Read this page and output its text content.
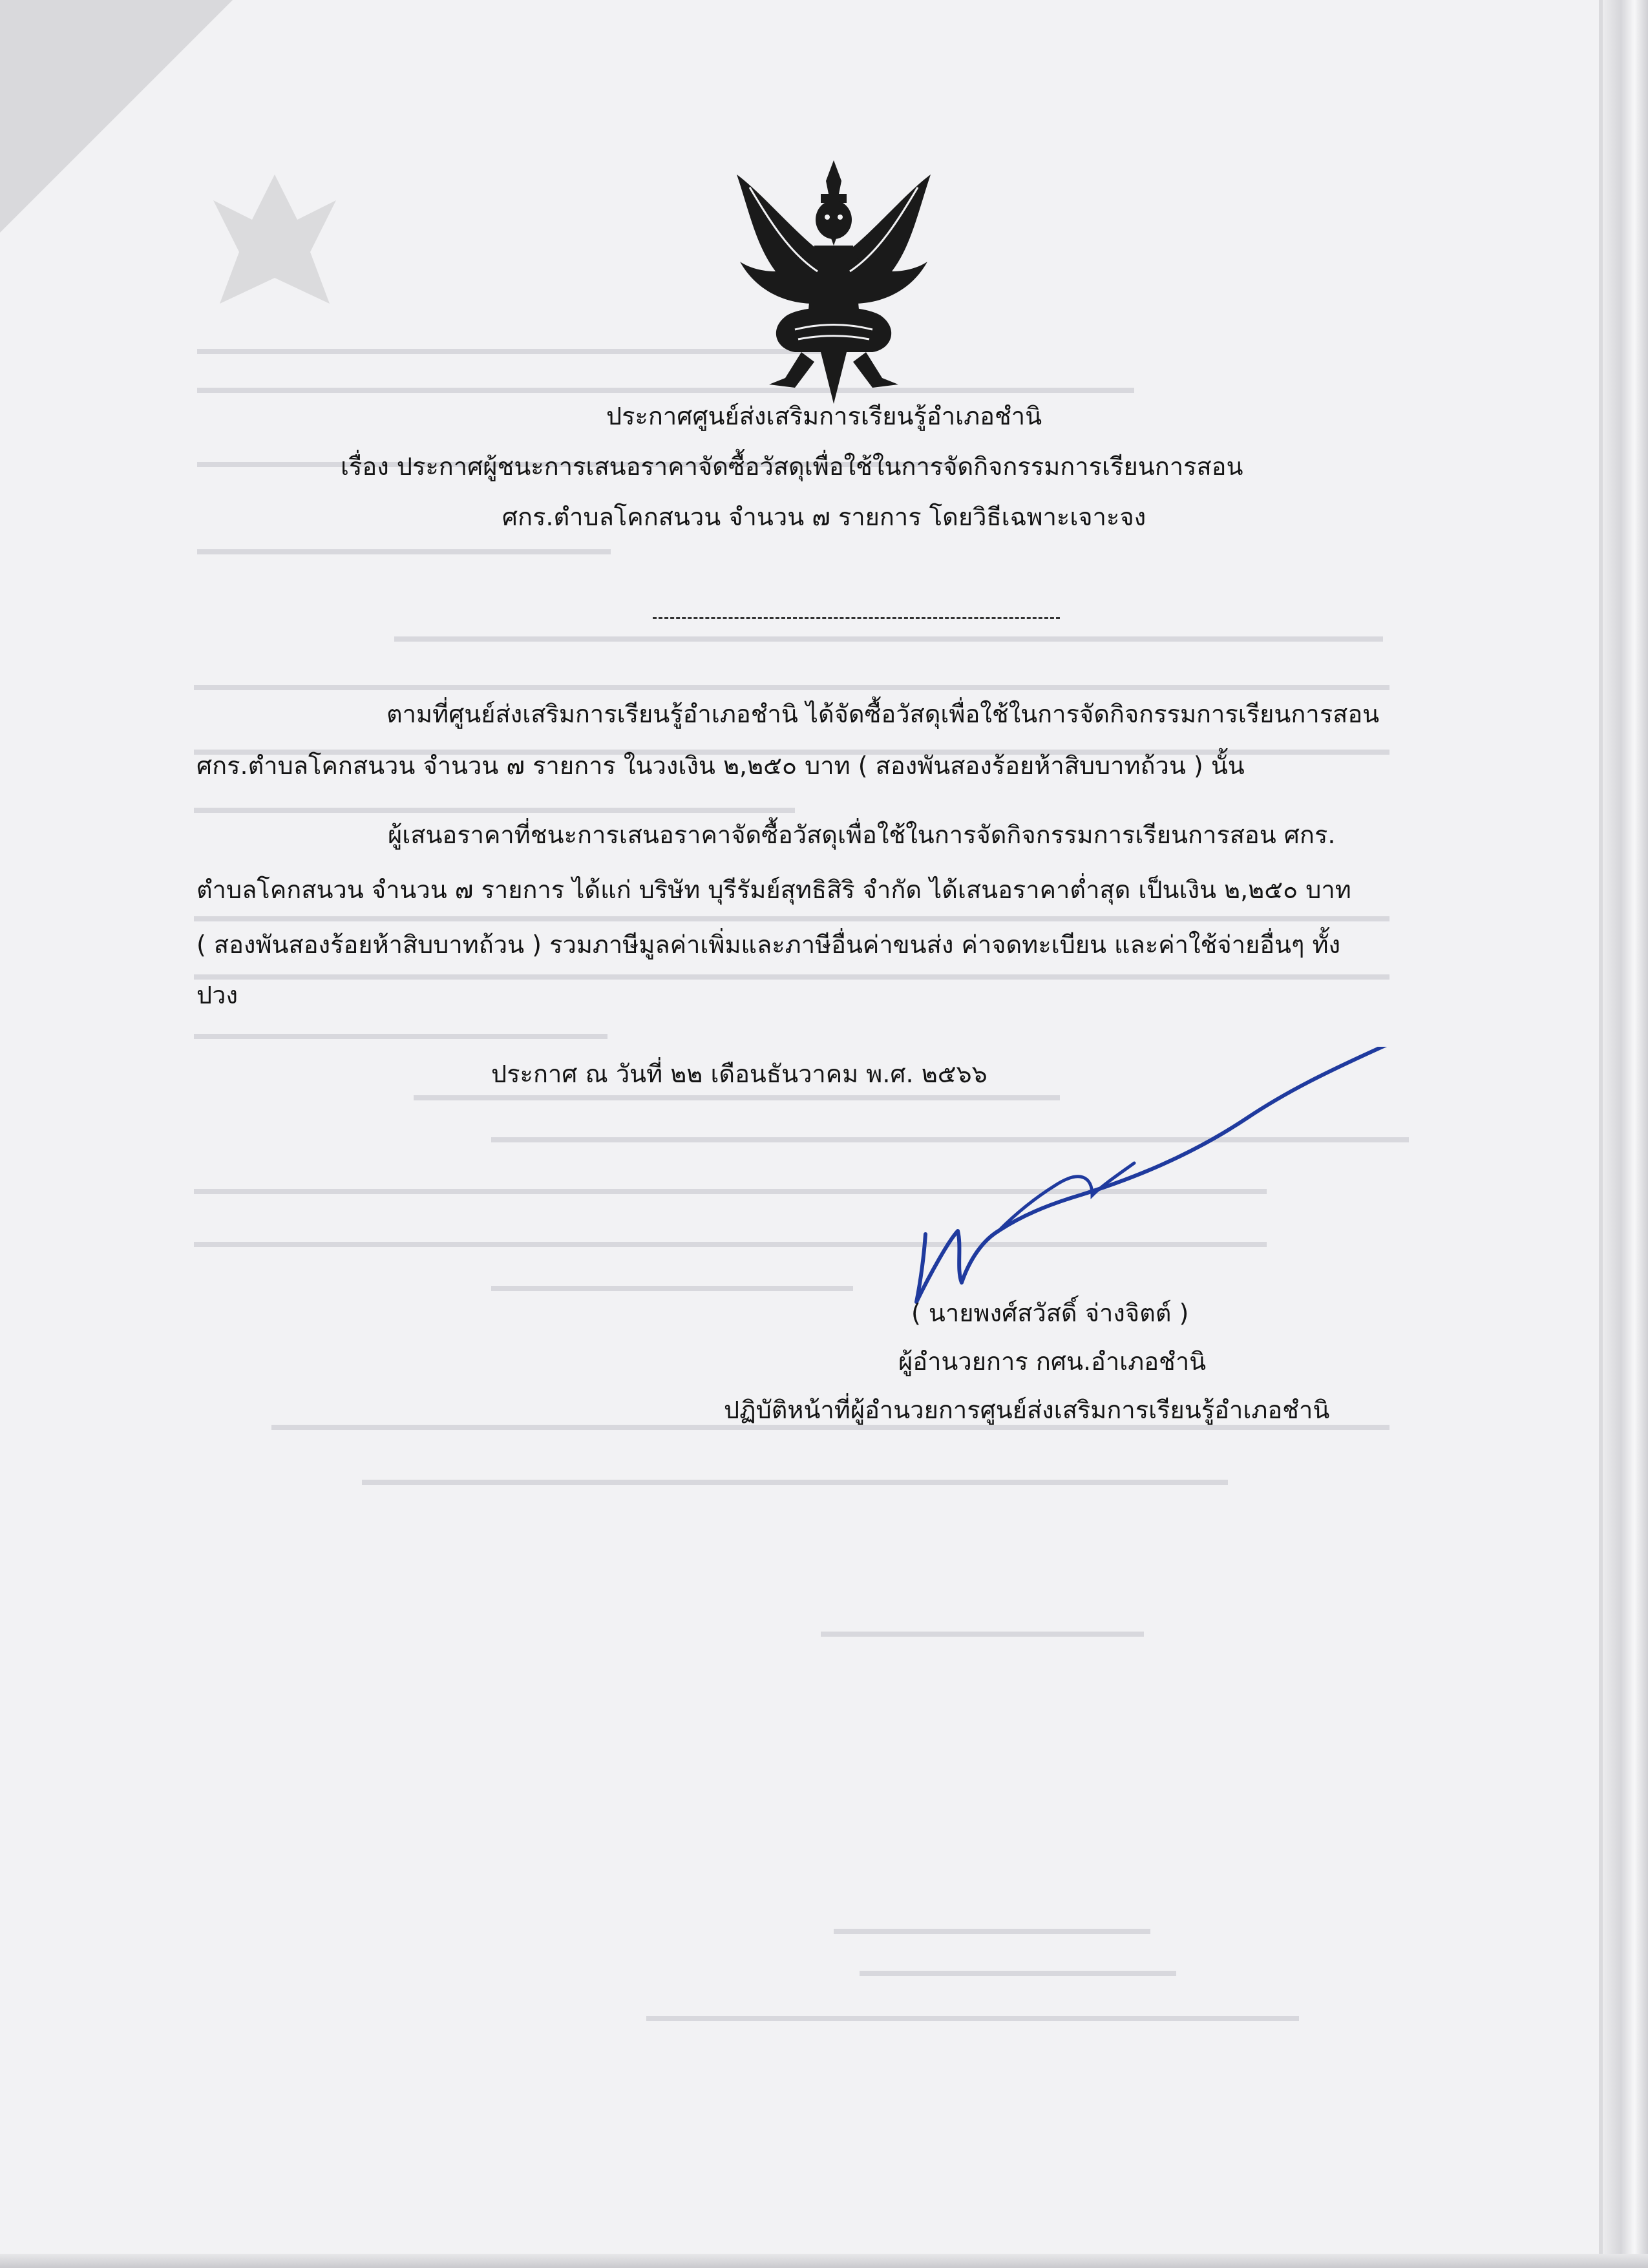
ประกาศศูนย์ส่งเสริมการเรียนรู้อำเภอชำนิ
เรื่อง ประกาศผู้ชนะการเสนอราคาจัดซื้อวัสดุเพื่อใช้ในการจัดกิจกรรมการเรียนการสอน
ศกร.ตำบลโคกสนวน จำนวน ๗ รายการ โดยวิธีเฉพาะเจาะจง
ตามที่ศูนย์ส่งเสริมการเรียนรู้อำเภอชำนิ ได้จัดซื้อวัสดุเพื่อใช้ในการจัดกิจกรรมการเรียนการสอน
ศกร.ตำบลโคกสนวน จำนวน ๗ รายการ ในวงเงิน ๒,๒๕๐ บาท ( สองพันสองร้อยห้าสิบบาทถ้วน ) นั้น
ผู้เสนอราคาที่ชนะการเสนอราคาจัดซื้อวัสดุเพื่อใช้ในการจัดกิจกรรมการเรียนการสอน ศกร.
ตำบลโคกสนวน จำนวน ๗ รายการ ได้แก่ บริษัท บุรีรัมย์สุทธิสิริ จำกัด ได้เสนอราคาต่ำสุด เป็นเงิน ๒,๒๕๐ บาท
( สองพันสองร้อยห้าสิบบาทถ้วน ) รวมภาษีมูลค่าเพิ่มและภาษีอื่นค่าขนส่ง ค่าจดทะเบียน และค่าใช้จ่ายอื่นๆ ทั้ง
ปวง
ประกาศ ณ วันที่ ๒๒ เดือนธันวาคม พ.ศ. ๒๕๖๖
( นายพงศ์สวัสดิ์ จ่างจิตต์ )
ผู้อำนวยการ กศน.อำเภอชำนิ
ปฏิบัติหน้าที่ผู้อำนวยการศูนย์ส่งเสริมการเรียนรู้อำเภอชำนิ
